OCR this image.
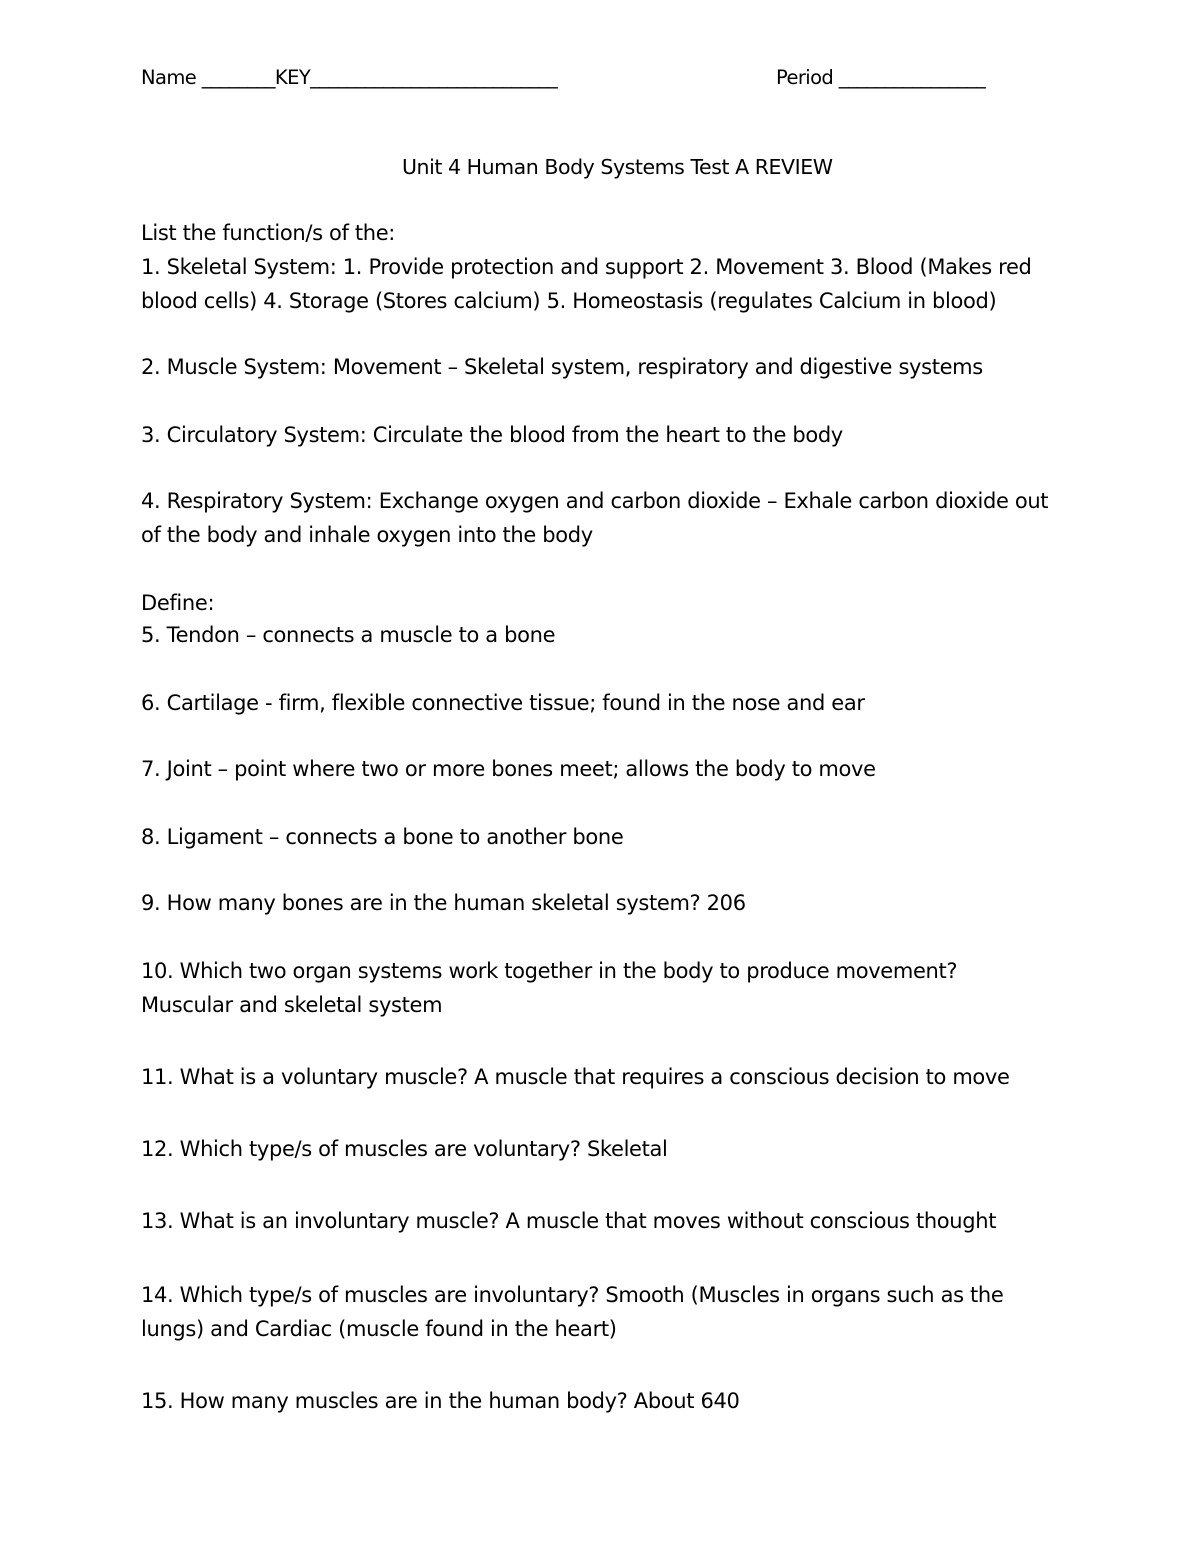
Name ________KEY___________________________	Period ________________
Unit 4 Human Body Systems Test A REVIEW
List the function/s of the:
1. Skeletal System: 1. Provide protection and support 2. Movement 3. Blood (Makes red
blood cells) 4. Storage (Stores calcium) 5. Homeostasis (regulates Calcium in blood)
2. Muscle System: Movement – Skeletal system, respiratory and digestive systems
3. Circulatory System: Circulate the blood from the heart to the body
4. Respiratory System: Exchange oxygen and carbon dioxide – Exhale carbon dioxide out
of the body and inhale oxygen into the body
Define:
5. Tendon – connects a muscle to a bone
6. Cartilage - firm, flexible connective tissue; found in the nose and ear
7. Joint – point where two or more bones meet; allows the body to move
8. Ligament – connects a bone to another bone
9. How many bones are in the human skeletal system? 206
10. Which two organ systems work together in the body to produce movement?
Muscular and skeletal system
11. What is a voluntary muscle? A muscle that requires a conscious decision to move
12. Which type/s of muscles are voluntary? Skeletal
13. What is an involuntary muscle? A muscle that moves without conscious thought
14. Which type/s of muscles are involuntary? Smooth (Muscles in organs such as the
lungs) and Cardiac (muscle found in the heart)
15. How many muscles are in the human body? About 640
